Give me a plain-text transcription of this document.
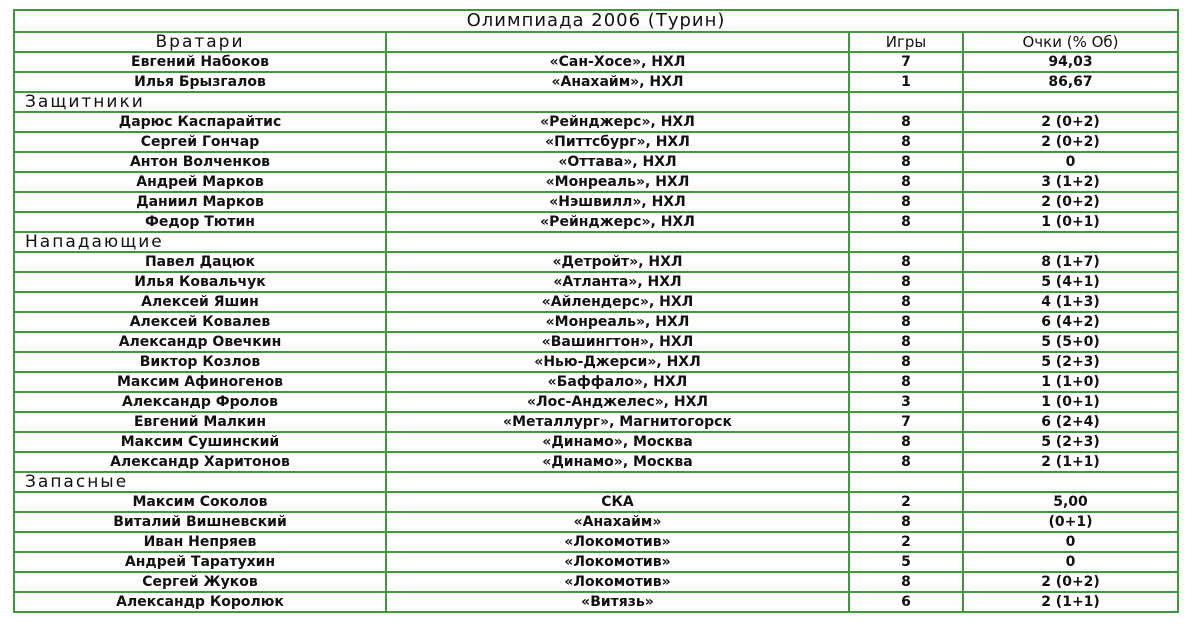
Олимпиада 2006 (Турин)			
Вратари		Игры	Очки (% Об)
Евгений Набоков	«Сан-Хосе», НХЛ	7	94,03
Илья Брызгалов	«Анахайм», НХЛ	1	86,67
Защитники			
Дарюс Каспарайтис	«Рейнджерс», НХЛ	8	2 (0+2)
Сергей Гончар	«Питтсбург», НХЛ	8	2 (0+2)
Антон Волченков	«Оттава», НХЛ	8	0
Андрей Марков	«Монреаль», НХЛ	8	3 (1+2)
Даниил Марков	«Нэшвилл», НХЛ	8	2 (0+2)
Федор Тютин	«Рейнджерс», НХЛ	8	1 (0+1)
Нападающие			
Павел Дацюк	«Детройт», НХЛ	8	8 (1+7)
Илья Ковальчук	«Атланта», НХЛ	8	5 (4+1)
Алексей Яшин	«Айлендерс», НХЛ	8	4 (1+3)
Алексей Ковалев	«Монреаль», НХЛ	8	6 (4+2)
Александр Овечкин	«Вашингтон», НХЛ	8	5 (5+0)
Виктор Козлов	«Нью-Джерси», НХЛ	8	5 (2+3)
Максим Афиногенов	«Баффало», НХЛ	8	1 (1+0)
Александр Фролов	«Лос-Анджелес», НХЛ	3	1 (0+1)
Евгений Малкин	«Металлург», Магнитогорск	7	6 (2+4)
Максим Сушинский	«Динамо», Москва	8	5 (2+3)
Александр Харитонов	«Динамо», Москва	8	2 (1+1)
Запасные			
Максим Соколов	СКА	2	5,00
Виталий Вишневский	«Анахайм»	8	(0+1)
Иван Непряев	«Локомотив»	2	0
Андрей Таратухин	«Локомотив»	5	0
Сергей Жуков	«Локомотив»	8	2 (0+2)
Александр Королюк	«Витязь»	6	2 (1+1)
